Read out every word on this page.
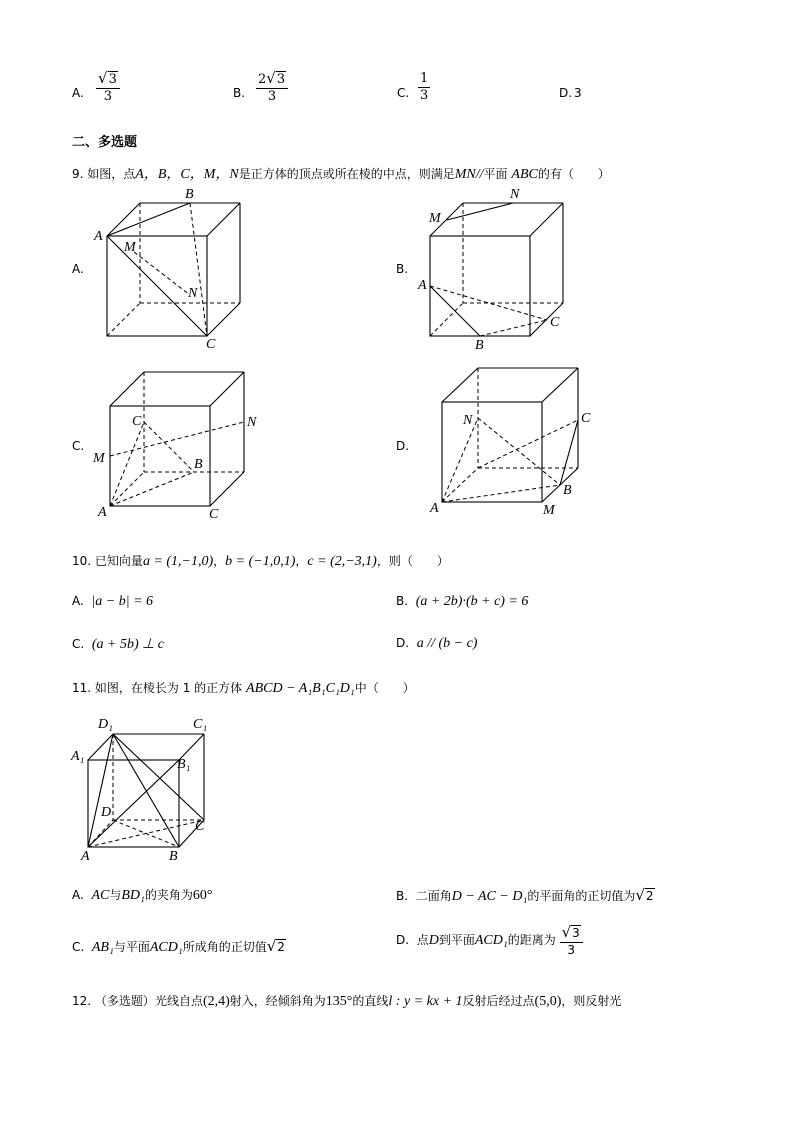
A. $\frac{√3}{3}$	B. $\frac{2√3}{3}$	C. $\frac{1}{3}$	D. 3
二、多选题
9. 如图，点A，B，C，M，N是正方体的顶点或所在棱的中点，则满足MN//平面 ABC的有（　　）
A.	B.
C.	D.
A
B
M
N
C
M
N
A
C
B
C	N
M	B
A	C
N	C
B
A	M
10. 已知向量a = (1,−1,0)，b = (−1,0,1)，c = (2,−3,1)，则（　　）
A. |a − b| = 6	B. (a + 2b)·(b + c) = 6
C. (a + 5b) ⊥ c	D. a // (b − c)
11. 如图，在棱长为 1 的正方体 ABCD − A₁B₁C₁D₁中（　　）
D₁	C₁
A₁
B₁
D
C
A	B
A. AC与BD₁的夹角为60°	B. 二面角D − AC − D₁的平面角的正切值为√2
C. AB₁与平面ACD₁所成角的正切值√2
D. 点D到平面ACD₁的距离为 $\frac{√3}{3}$
12. （多选题）光线自点(2,4)射入，经倾斜角为135°的直线l : y = kx + 1反射后经过点(5,0)，则反射光
